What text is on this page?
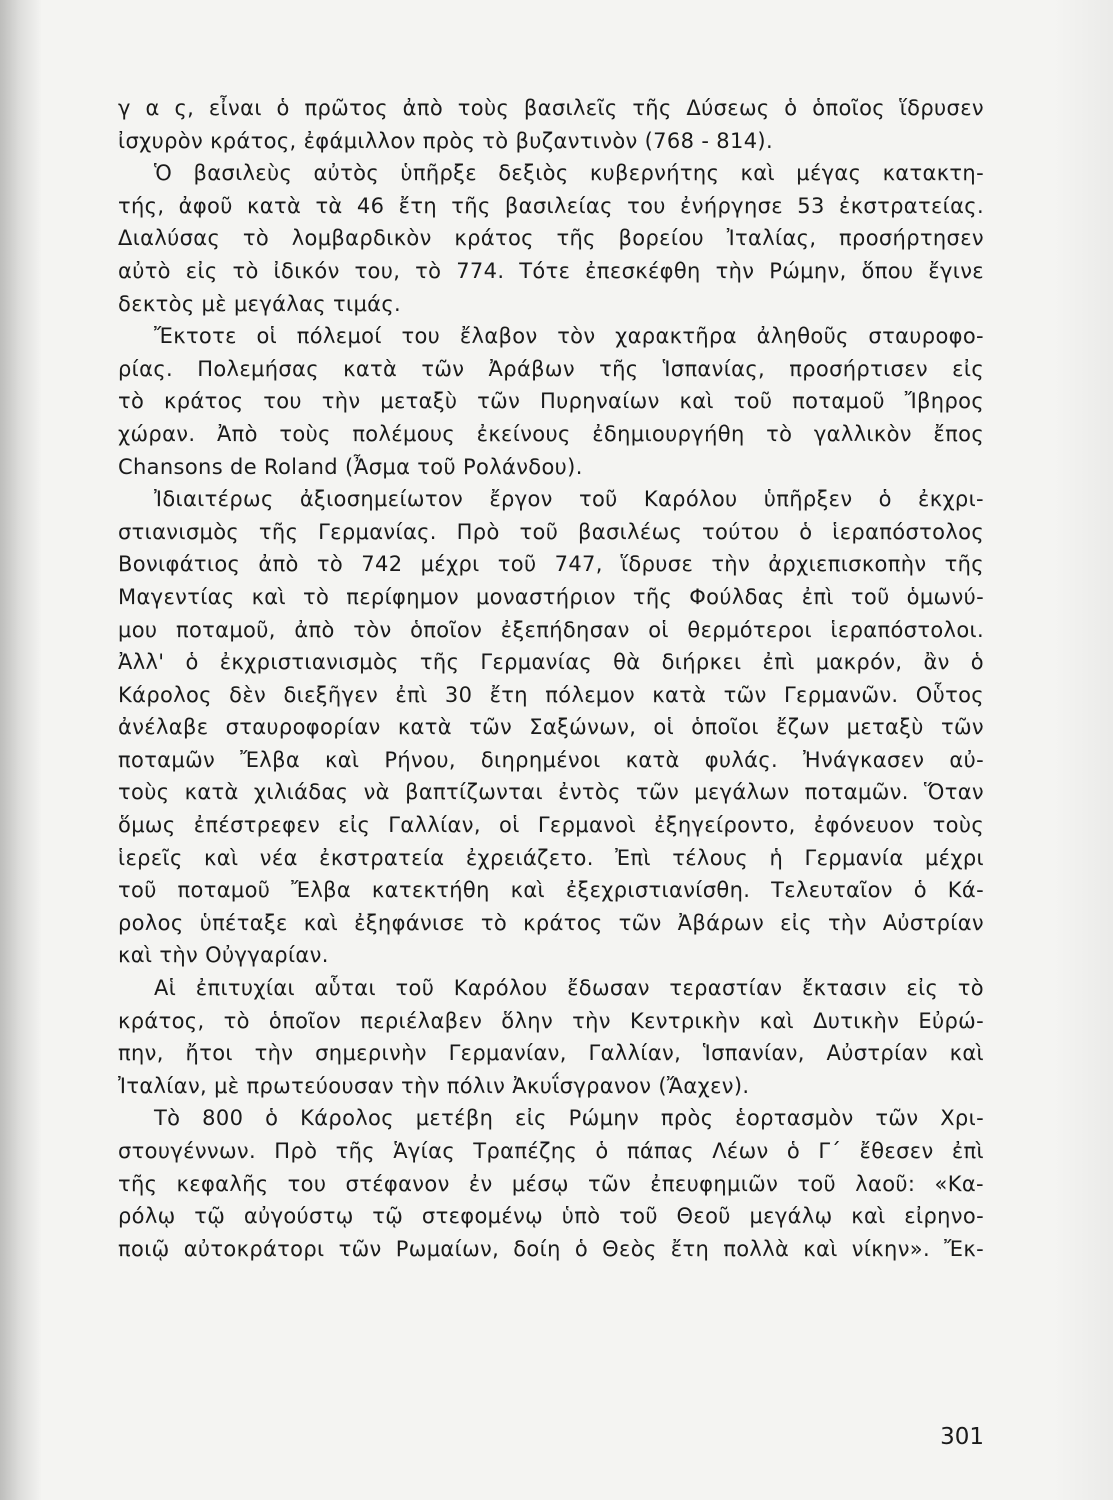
γ α ς, εἶναι ὁ πρῶτος ἀπὸ τοὺς βασιλεῖς τῆς Δύσεως ὁ ὁποῖος ἵδρυσεν
ἰσχυρὸν κράτος, ἐφάμιλλον πρὸς τὸ βυζαντινὸν (768 - 814).
Ὁ βασιλεὺς αὐτὸς ὑπῆρξε δεξιὸς κυβερνήτης καὶ μέγας κατακτη-
τής, ἀφοῦ κατὰ τὰ 46 ἔτη τῆς βασιλείας του ἐνήργησε 53 ἐκστρατείας.
Διαλύσας τὸ λομβαρδικὸν κράτος τῆς βορείου Ἰταλίας, προσήρτησεν
αὐτὸ εἰς τὸ ἰδικόν του, τὸ 774. Τότε ἐπεσκέφθη τὴν Ρώμην, ὅπου ἔγινε
δεκτὸς μὲ μεγάλας τιμάς.
Ἔκτοτε οἱ πόλεμοί του ἔλαβον τὸν χαρακτῆρα ἀληθοῦς σταυροφο-
ρίας. Πολεμήσας κατὰ τῶν Ἀράβων τῆς Ἱσπανίας, προσήρτισεν εἰς
τὸ κράτος του τὴν μεταξὺ τῶν Πυρηναίων καὶ τοῦ ποταμοῦ Ἴβηρος
χώραν. Ἀπὸ τοὺς πολέμους ἐκείνους ἐδημιουργήθη τὸ γαλλικὸν ἔπος
Chansons de Roland (Ἆσμα τοῦ Ρολάνδου).
Ἰδιαιτέρως ἀξιοσημείωτον ἔργον τοῦ Καρόλου ὑπῆρξεν ὁ ἐκχρι-
στιανισμὸς τῆς Γερμανίας. Πρὸ τοῦ βασιλέως τούτου ὁ ἱεραπόστολος
Βονιφάτιος ἀπὸ τὸ 742 μέχρι τοῦ 747, ἵδρυσε τὴν ἀρχιεπισκοπὴν τῆς
Μαγεντίας καὶ τὸ περίφημον μοναστήριον τῆς Φούλδας ἐπὶ τοῦ ὁμωνύ-
μου ποταμοῦ, ἀπὸ τὸν ὁποῖον ἐξεπήδησαν οἱ θερμότεροι ἱεραπόστολοι.
Ἀλλ' ὁ ἐκχριστιανισμὸς τῆς Γερμανίας θὰ διήρκει ἐπὶ μακρόν, ἂν ὁ
Κάρολος δὲν διεξῆγεν ἐπὶ 30 ἔτη πόλεμον κατὰ τῶν Γερμανῶν. Οὗτος
ἀνέλαβε σταυροφορίαν κατὰ τῶν Σαξώνων, οἱ ὁποῖοι ἔζων μεταξὺ τῶν
ποταμῶν Ἔλβα καὶ Ρήνου, διηρημένοι κατὰ φυλάς. Ἠνάγκασεν αὐ-
τοὺς κατὰ χιλιάδας νὰ βαπτίζωνται ἐντὸς τῶν μεγάλων ποταμῶν. Ὅταν
ὅμως ἐπέστρεφεν εἰς Γαλλίαν, οἱ Γερμανοὶ ἐξηγείροντο, ἐφόνευον τοὺς
ἱερεῖς καὶ νέα ἐκστρατεία ἐχρειάζετο. Ἐπὶ τέλους ἡ Γερμανία μέχρι
τοῦ ποταμοῦ Ἔλβα κατεκτήθη καὶ ἐξεχριστιανίσθη. Τελευταῖον ὁ Κά-
ρολος ὑπέταξε καὶ ἐξηφάνισε τὸ κράτος τῶν Ἀβάρων εἰς τὴν Αὐστρίαν
καὶ τὴν Οὐγγαρίαν.
Αἱ ἐπιτυχίαι αὗται τοῦ Καρόλου ἔδωσαν τεραστίαν ἔκτασιν εἰς τὸ
κράτος, τὸ ὁποῖον περιέλαβεν ὅλην τὴν Κεντρικὴν καὶ Δυτικὴν Εὐρώ-
πην, ἤτοι τὴν σημερινὴν Γερμανίαν, Γαλλίαν, Ἱσπανίαν, Αὐστρίαν καὶ
Ἰταλίαν, μὲ πρωτεύουσαν τὴν πόλιν Ἀκυΐσγρανον (Ἄαχεν).
Τὸ 800 ὁ Κάρολος μετέβη εἰς Ρώμην πρὸς ἑορτασμὸν τῶν Χρι-
στουγέννων. Πρὸ τῆς Ἁγίας Τραπέζης ὁ πάπας Λέων ὁ Γ΄ ἔθεσεν ἐπὶ
τῆς κεφαλῆς του στέφανον ἐν μέσῳ τῶν ἐπευφημιῶν τοῦ λαοῦ: «Κα-
ρόλῳ τῷ αὐγούστῳ τῷ στεφομένῳ ὑπὸ τοῦ Θεοῦ μεγάλῳ καὶ εἰρηνο-
ποιῷ αὐτοκράτορι τῶν Ρωμαίων, δοίη ὁ Θεὸς ἔτη πολλὰ καὶ νίκην». Ἔκ-
301
